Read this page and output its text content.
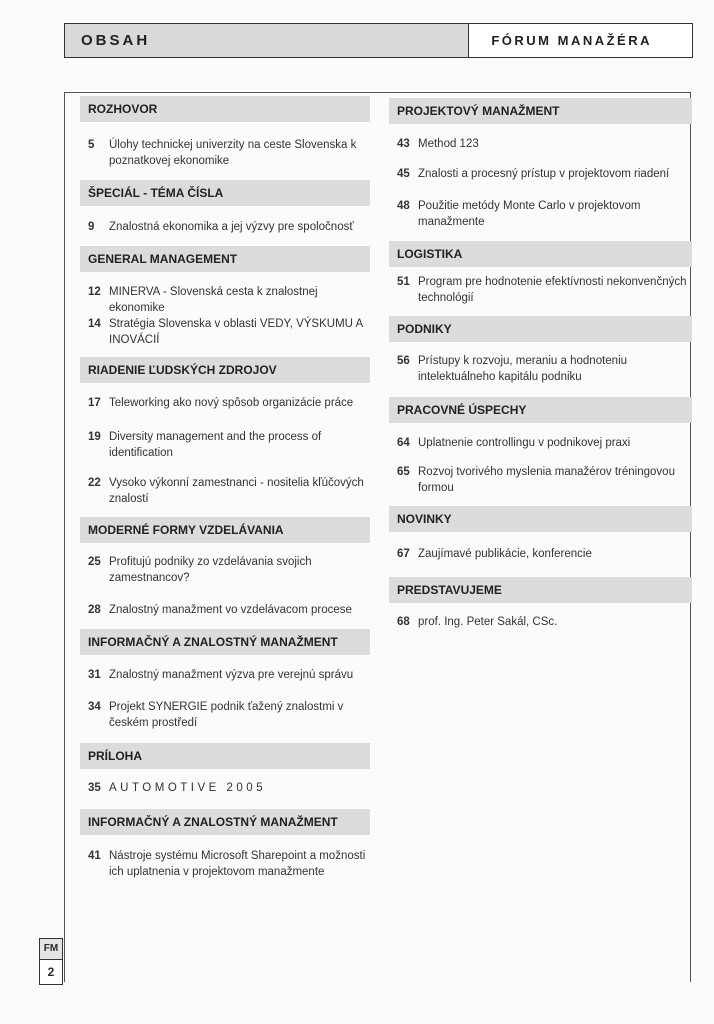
OBSAH	FÓRUM MANAŽÉRA
ROZHOVOR
5	Úlohy technickej univerzity na ceste Slovenska k poznatkovej ekonomike
ŠPECIÁL - TÉMA ČÍSLA
9	Znalostná ekonomika a jej výzvy pre spoločnosť
GENERAL MANAGEMENT
12 MINERVA - Slovenská cesta k znalostnej ekonomike
14 Stratégia Slovenska v oblasti VEDY, VÝSKUMU A INOVÁCIÍ
RIADENIE ĽUDSKÝCH ZDROJOV
17 Teleworking ako nový spôsob organizácie práce
19 Diversity management and the process of identification
22 Vysoko výkonní zamestnanci - nositelia kľúčových znalostí
MODERNÉ FORMY VZDELÁVANIA
25 Profitujú podniky zo vzdelávania svojich zamestnancov?
28 Znalostný manažment vo vzdelávacom procese
INFORMAČNÝ A ZNALOSTNÝ MANAŽMENT
31 Znalostný manažment výzva pre verejnú správu
34 Projekt SYNERGIE podnik ťažený znalostmi v českém prostředí
PRÍLOHA
35 AUTOMOTIVE 2005
INFORMAČNÝ A ZNALOSTNÝ MANAŽMENT
41 Nástroje systému Microsoft Sharepoint a možnosti ich uplatnenia v projektovom manažmente
PROJEKTOVÝ MANAŽMENT
43 Method 123
45 Znalosti a procesný prístup v projektovom riadení
48 Použitie metódy Monte Carlo v projektovom manažmente
LOGISTIKA
51 Program pre hodnotenie efektívnosti nekonvenčných technológií
PODNIKY
56 Prístupy k rozvoju, meraniu a hodnoteniu intelektuálneho kapitálu podniku
PRACOVNÉ ÚSPECHY
64 Uplatnenie controllingu v podnikovej praxi
65 Rozvoj tvorivého myslenia manažérov tréningovou formou
NOVINKY
67 Zaujímavé publikácie, konferencie
PREDSTAVUJEME
68 prof. Ing. Peter Sakál, CSc.
FM
2
